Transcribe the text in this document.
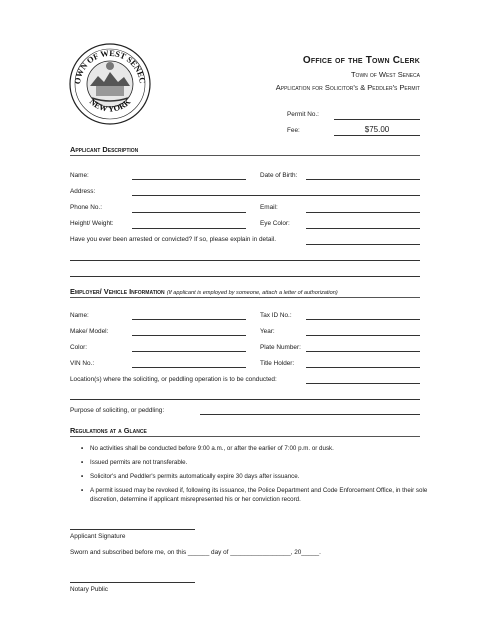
OWN OF WEST SENEC
NEW YORK
Office of the Town Clerk
Town of West Seneca
Application for Solicitor's & Peddler's Permit
Permit No.:
Fee:	$75.00
Applicant Description
Name:	Date of Birth:
Address:
Phone No.:	Email:
Height/ Weight:	Eye Color:
Have you ever been arrested or convicted? If so, please explain in detail.
Employer/ Vehicle Information (If applicant is employed by someone, attach a letter of authorization)
Name:	Tax ID No.:
Make/ Model:	Year:
Color:	Plate Number:
VIN No.:	Title Holder:
Location(s) where the soliciting, or peddling operation is to be conducted:
Purpose of soliciting, or peddling:
Regulations at a Glance
• No activities shall be conducted before 9:00 a.m., or after the earlier of 7:00 p.m. or dusk.
• Issued permits are not transferable.
• Solicitor's and Peddler's permits automatically expire 30 days after issuance.
• A permit issued may be revoked if, following its issuance, the Police Department and Code Enforcement Office, in their sole discretion, determine if applicant misrepresented his or her conviction record.
Applicant Signature
Sworn and subscribed before me, on this ______ day of _________________, 20_____.
Notary Public
